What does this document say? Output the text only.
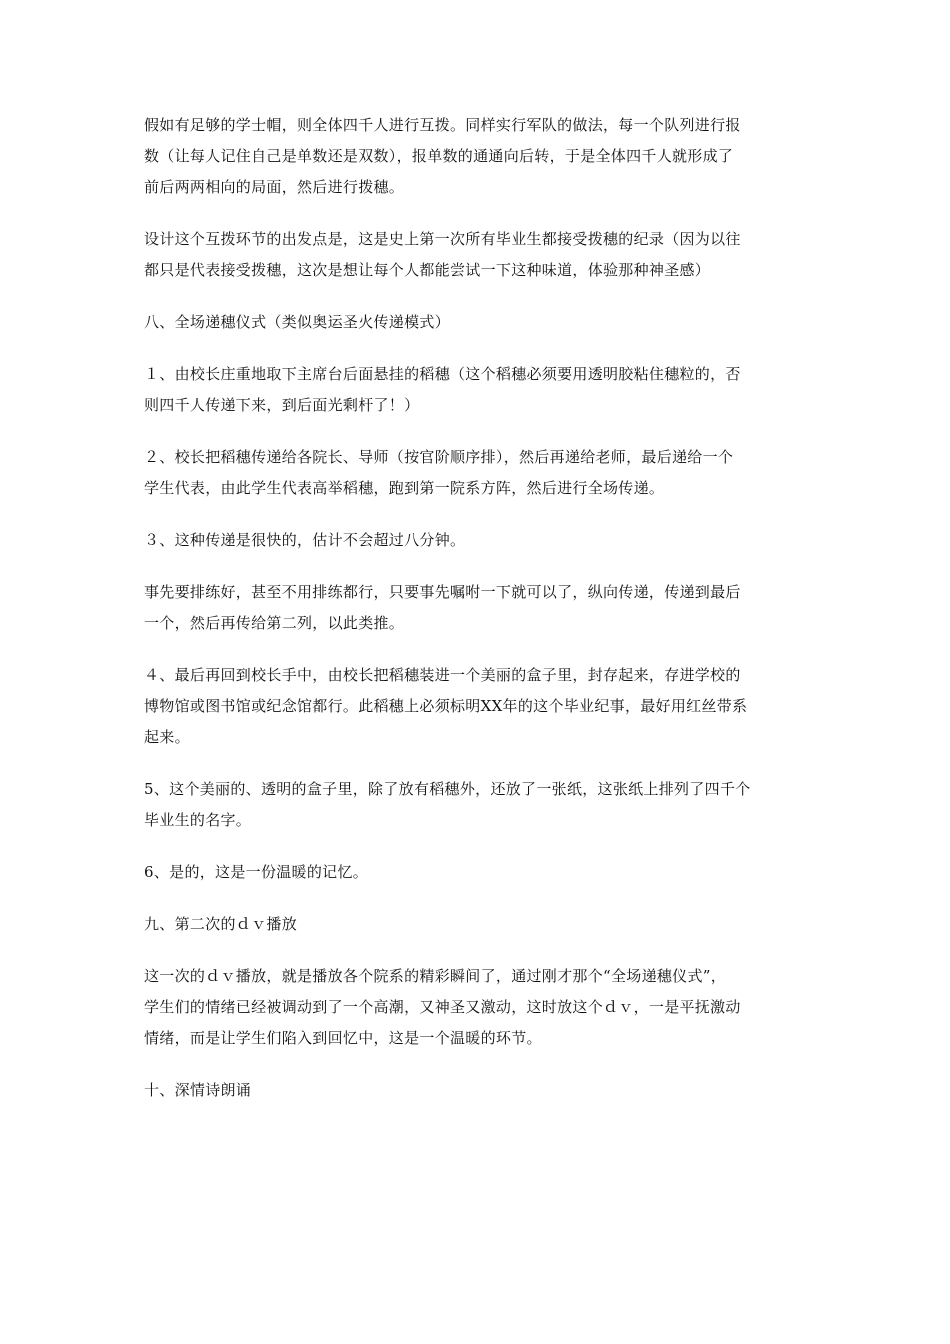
假如有足够的学士帽，则全体四千人进行互拨。同样实行军队的做法，每一个队列进行报
数（让每人记住自己是单数还是双数），报单数的通通向后转，于是全体四千人就形成了
前后两两相向的局面，然后进行拨穗。

设计这个互拨环节的出发点是，这是史上第一次所有毕业生都接受拨穗的纪录（因为以往
都只是代表接受拨穗，这次是想让每个人都能尝试一下这种味道，体验那种神圣感）

八、全场递穗仪式（类似奥运圣火传递模式）

１、由校长庄重地取下主席台后面悬挂的稻穗（这个稻穗必须要用透明胶粘住穗粒的，否
则四千人传递下来，到后面光剩杆了！）

２、校长把稻穗传递给各院长、导师（按官阶顺序排），然后再递给老师，最后递给一个
学生代表，由此学生代表高举稻穗，跑到第一院系方阵，然后进行全场传递。

３、这种传递是很快的，估计不会超过八分钟。

事先要排练好，甚至不用排练都行，只要事先嘱咐一下就可以了，纵向传递，传递到最后
一个，然后再传给第二列，以此类推。

４、最后再回到校长手中，由校长把稻穗装进一个美丽的盒子里，封存起来，存进学校的
博物馆或图书馆或纪念馆都行。此稻穗上必须标明XX年的这个毕业纪事，最好用红丝带系
起来。

5、这个美丽的、透明的盒子里，除了放有稻穗外，还放了一张纸，这张纸上排列了四千个
毕业生的名字。

6、是的，这是一份温暖的记忆。

九、第二次的ｄｖ播放

这一次的ｄｖ播放，就是播放各个院系的精彩瞬间了，通过刚才那个“全场递穗仪式”，
学生们的情绪已经被调动到了一个高潮，又神圣又激动，这时放这个ｄｖ，一是平抚激动
情绪，而是让学生们陷入到回忆中，这是一个温暖的环节。

十、深情诗朗诵
